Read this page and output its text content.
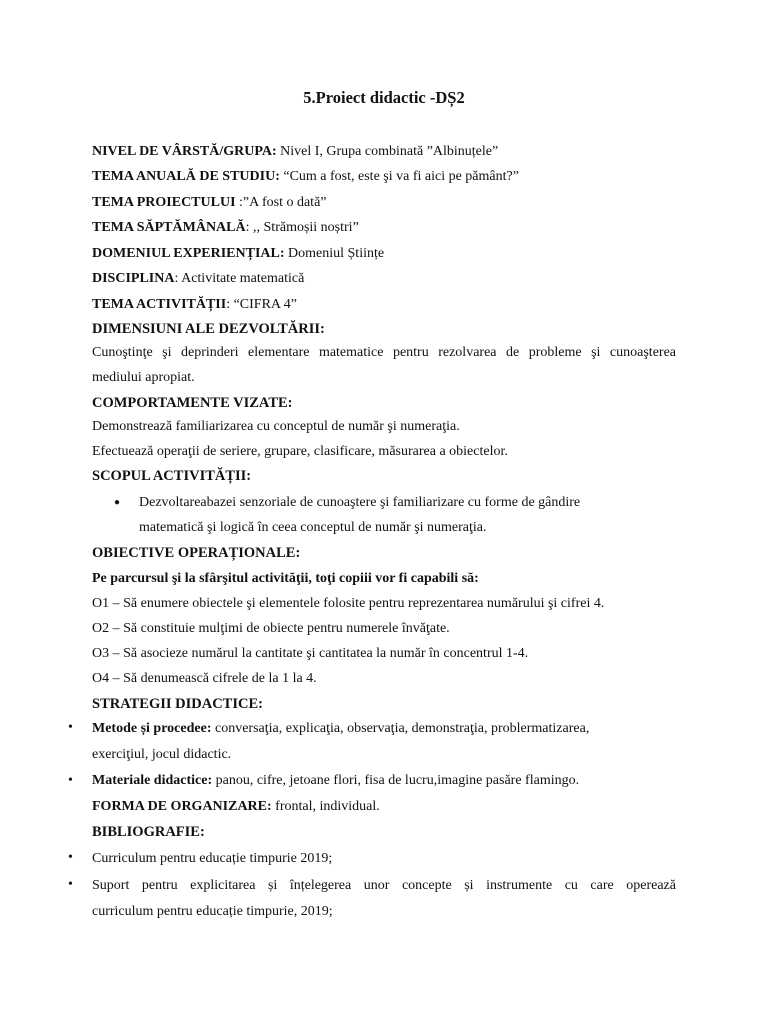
5.Proiect didactic -DȘ2
NIVEL DE VÂRSTĂ/GRUPA: Nivel I, Grupa combinată ”Albinuțele”
TEMA ANUALĂ DE STUDIU: “Cum a fost, este şi va fi aici pe pământ?”
TEMA PROIECTULUI :”A fost o dată”
TEMA SĂPTĂMÂNALĂ: ,, Strămoșii noștri”
DOMENIUL EXPERIENȚIAL: Domeniul Științe
DISCIPLINA: Activitate matematică
TEMA ACTIVITĂȚII: “CIFRA 4”
DIMENSIUNI ALE DEZVOLTĂRII:
Cunoştinţe şi deprinderi elementare matematice pentru rezolvarea de probleme şi cunoaşterea
mediului apropiat.
COMPORTAMENTE VIZATE:
Demonstrează familiarizarea cu conceptul de număr şi numeraţia.
Efectuează operaţii de seriere, grupare, clasificare, măsurarea a obiectelor.
SCOPUL ACTIVITĂȚII:
● Dezvoltareabazei senzoriale de cunoaştere şi familiarizare cu forme de gândire
matematică şi logică în ceea conceptul de număr şi numeraţia.
OBIECTIVE OPERAȚIONALE:
Pe parcursul şi la sfârşitul activităţii, toţi copiii vor fi capabili să:
O1 – Să enumere obiectele şi elementele folosite pentru reprezentarea numărului şi cifrei 4.
O2 – Să constituie mulţimi de obiecte pentru numerele învăţate.
O3 – Să asocieze numărul la cantitate şi cantitatea la număr în concentrul 1-4.
O4 – Să denumească cifrele de la 1 la 4.
STRATEGII DIDACTICE:
• Metode și procedee: conversaţia, explicaţia, observaţia, demonstraţia, problermatizarea,
exerciţiul, jocul didactic.
• Materiale didactice: panou, cifre, jetoane flori, fisa de lucru,imagine pasăre flamingo.
FORMA DE ORGANIZARE: frontal, individual.
BIBLIOGRAFIE:
• Curriculum pentru educație timpurie 2019;
• Suport pentru explicitarea și înțelegerea unor concepte și instrumente cu care operează
curriculum pentru educație timpurie, 2019;
